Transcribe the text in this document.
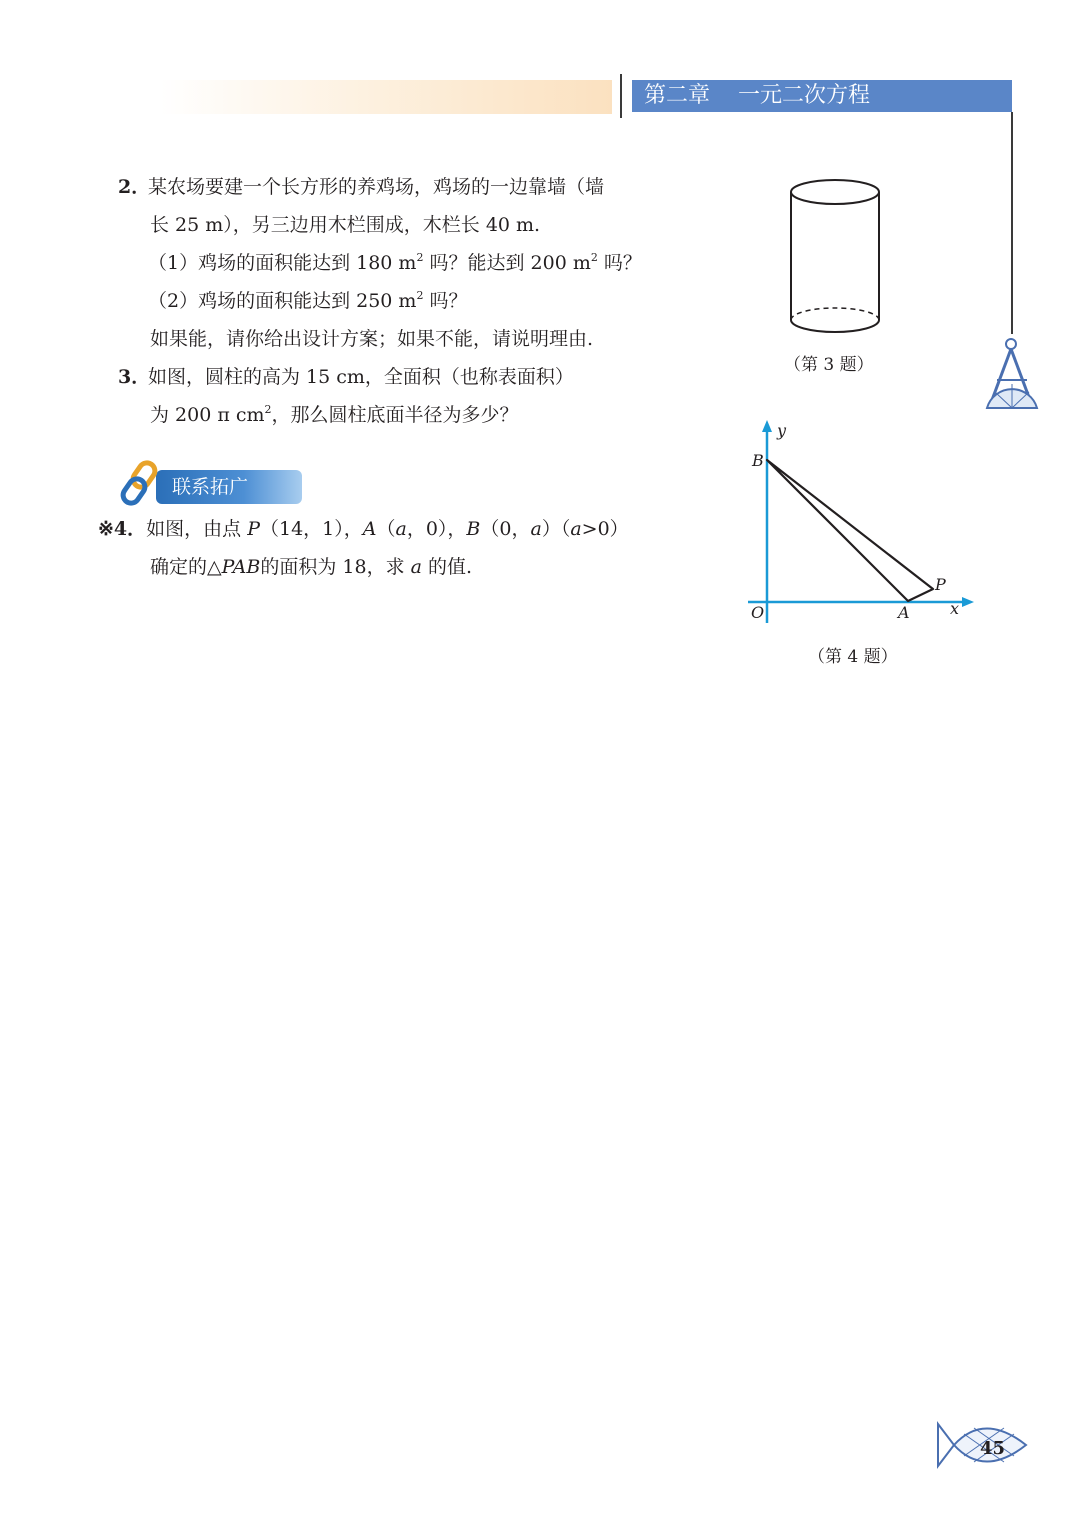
第二章    一元二次方程
2．某农场要建一个长方形的养鸡场，鸡场的一边靠墙（墙
长 25 m），另三边用木栏围成，木栏长 40 m.
（1）鸡场的面积能达到 180 $m^2$ 吗？能达到 200 $m^2$ 吗？
（2）鸡场的面积能达到 250 $m^2$ 吗？
如果能，请你给出设计方案；如果不能，请说明理由.
3．如图，圆柱的高为 15 cm，全面积（也称表面积）
为 200 π $cm^2$，那么圆柱底面半径为多少？
（第 3 题）
联系拓广
※4．如图，由点 P（14，1），A（a，0），B（0，a）（a>0）
确定的△PAB的面积为 18，求 a 的值.
y
x
B
O	A
P
（第 4 题）
45
